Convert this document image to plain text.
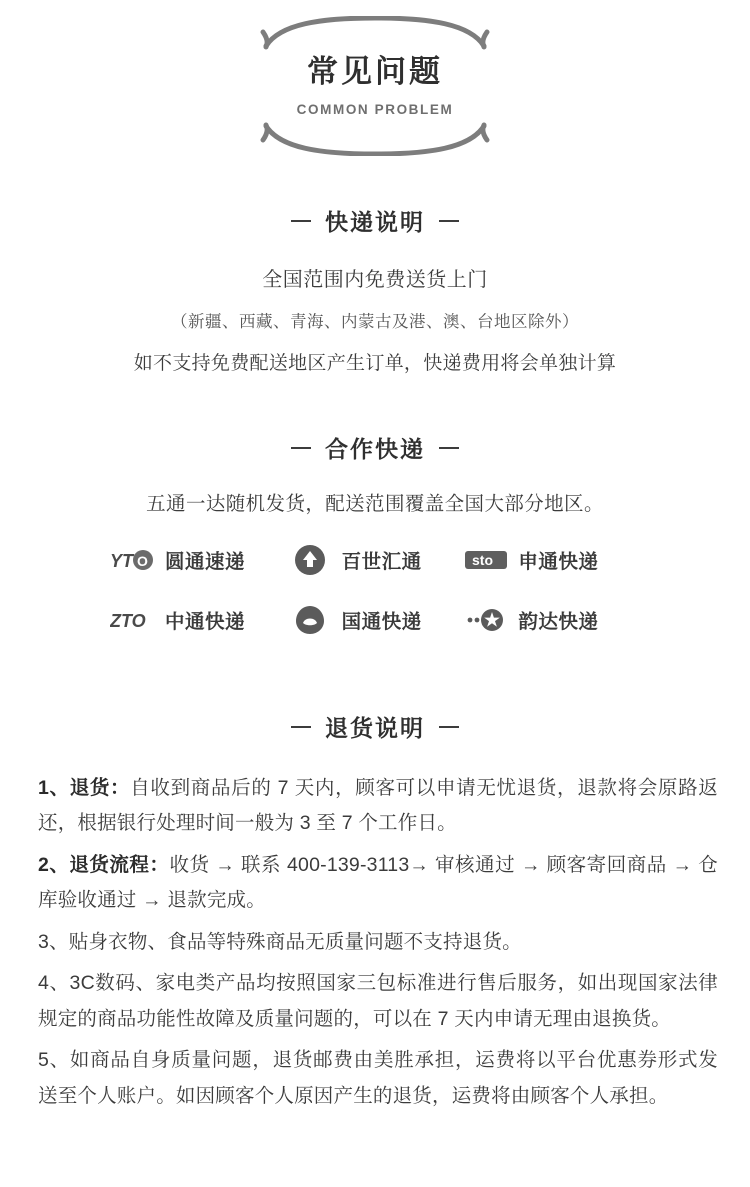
常见问题
COMMON PROBLEM
快递说明
全国范围内免费送货上门
（新疆、西藏、青海、内蒙古及港、澳、台地区除外）
如不支持免费配送地区产生订单，快递费用将会单独计算
合作快递
五通一达随机发货，配送范围覆盖全国大部分地区。
YT O 圆通速递	百世汇通	sto 申通快递
ZTO 中通快递	国通快递	韵达快递
退货说明
1、退货：自收到商品后的 7 天内，顾客可以申请无忧退货，退款将会原路返还，根据银行处理时间一般为 3 至 7 个工作日。
2、退货流程：收货 → 联系 400-139-3113→ 审核通过 → 顾客寄回商品 → 仓库验收通过 → 退款完成。
3、贴身衣物、食品等特殊商品无质量问题不支持退货。
4、3C数码、家电类产品均按照国家三包标准进行售后服务，如出现国家法律规定的商品功能性故障及质量问题的，可以在 7 天内申请无理由退换货。
5、如商品自身质量问题，退货邮费由美胜承担，运费将以平台优惠券形式发送至个人账户。如因顾客个人原因产生的退货，运费将由顾客个人承担。
